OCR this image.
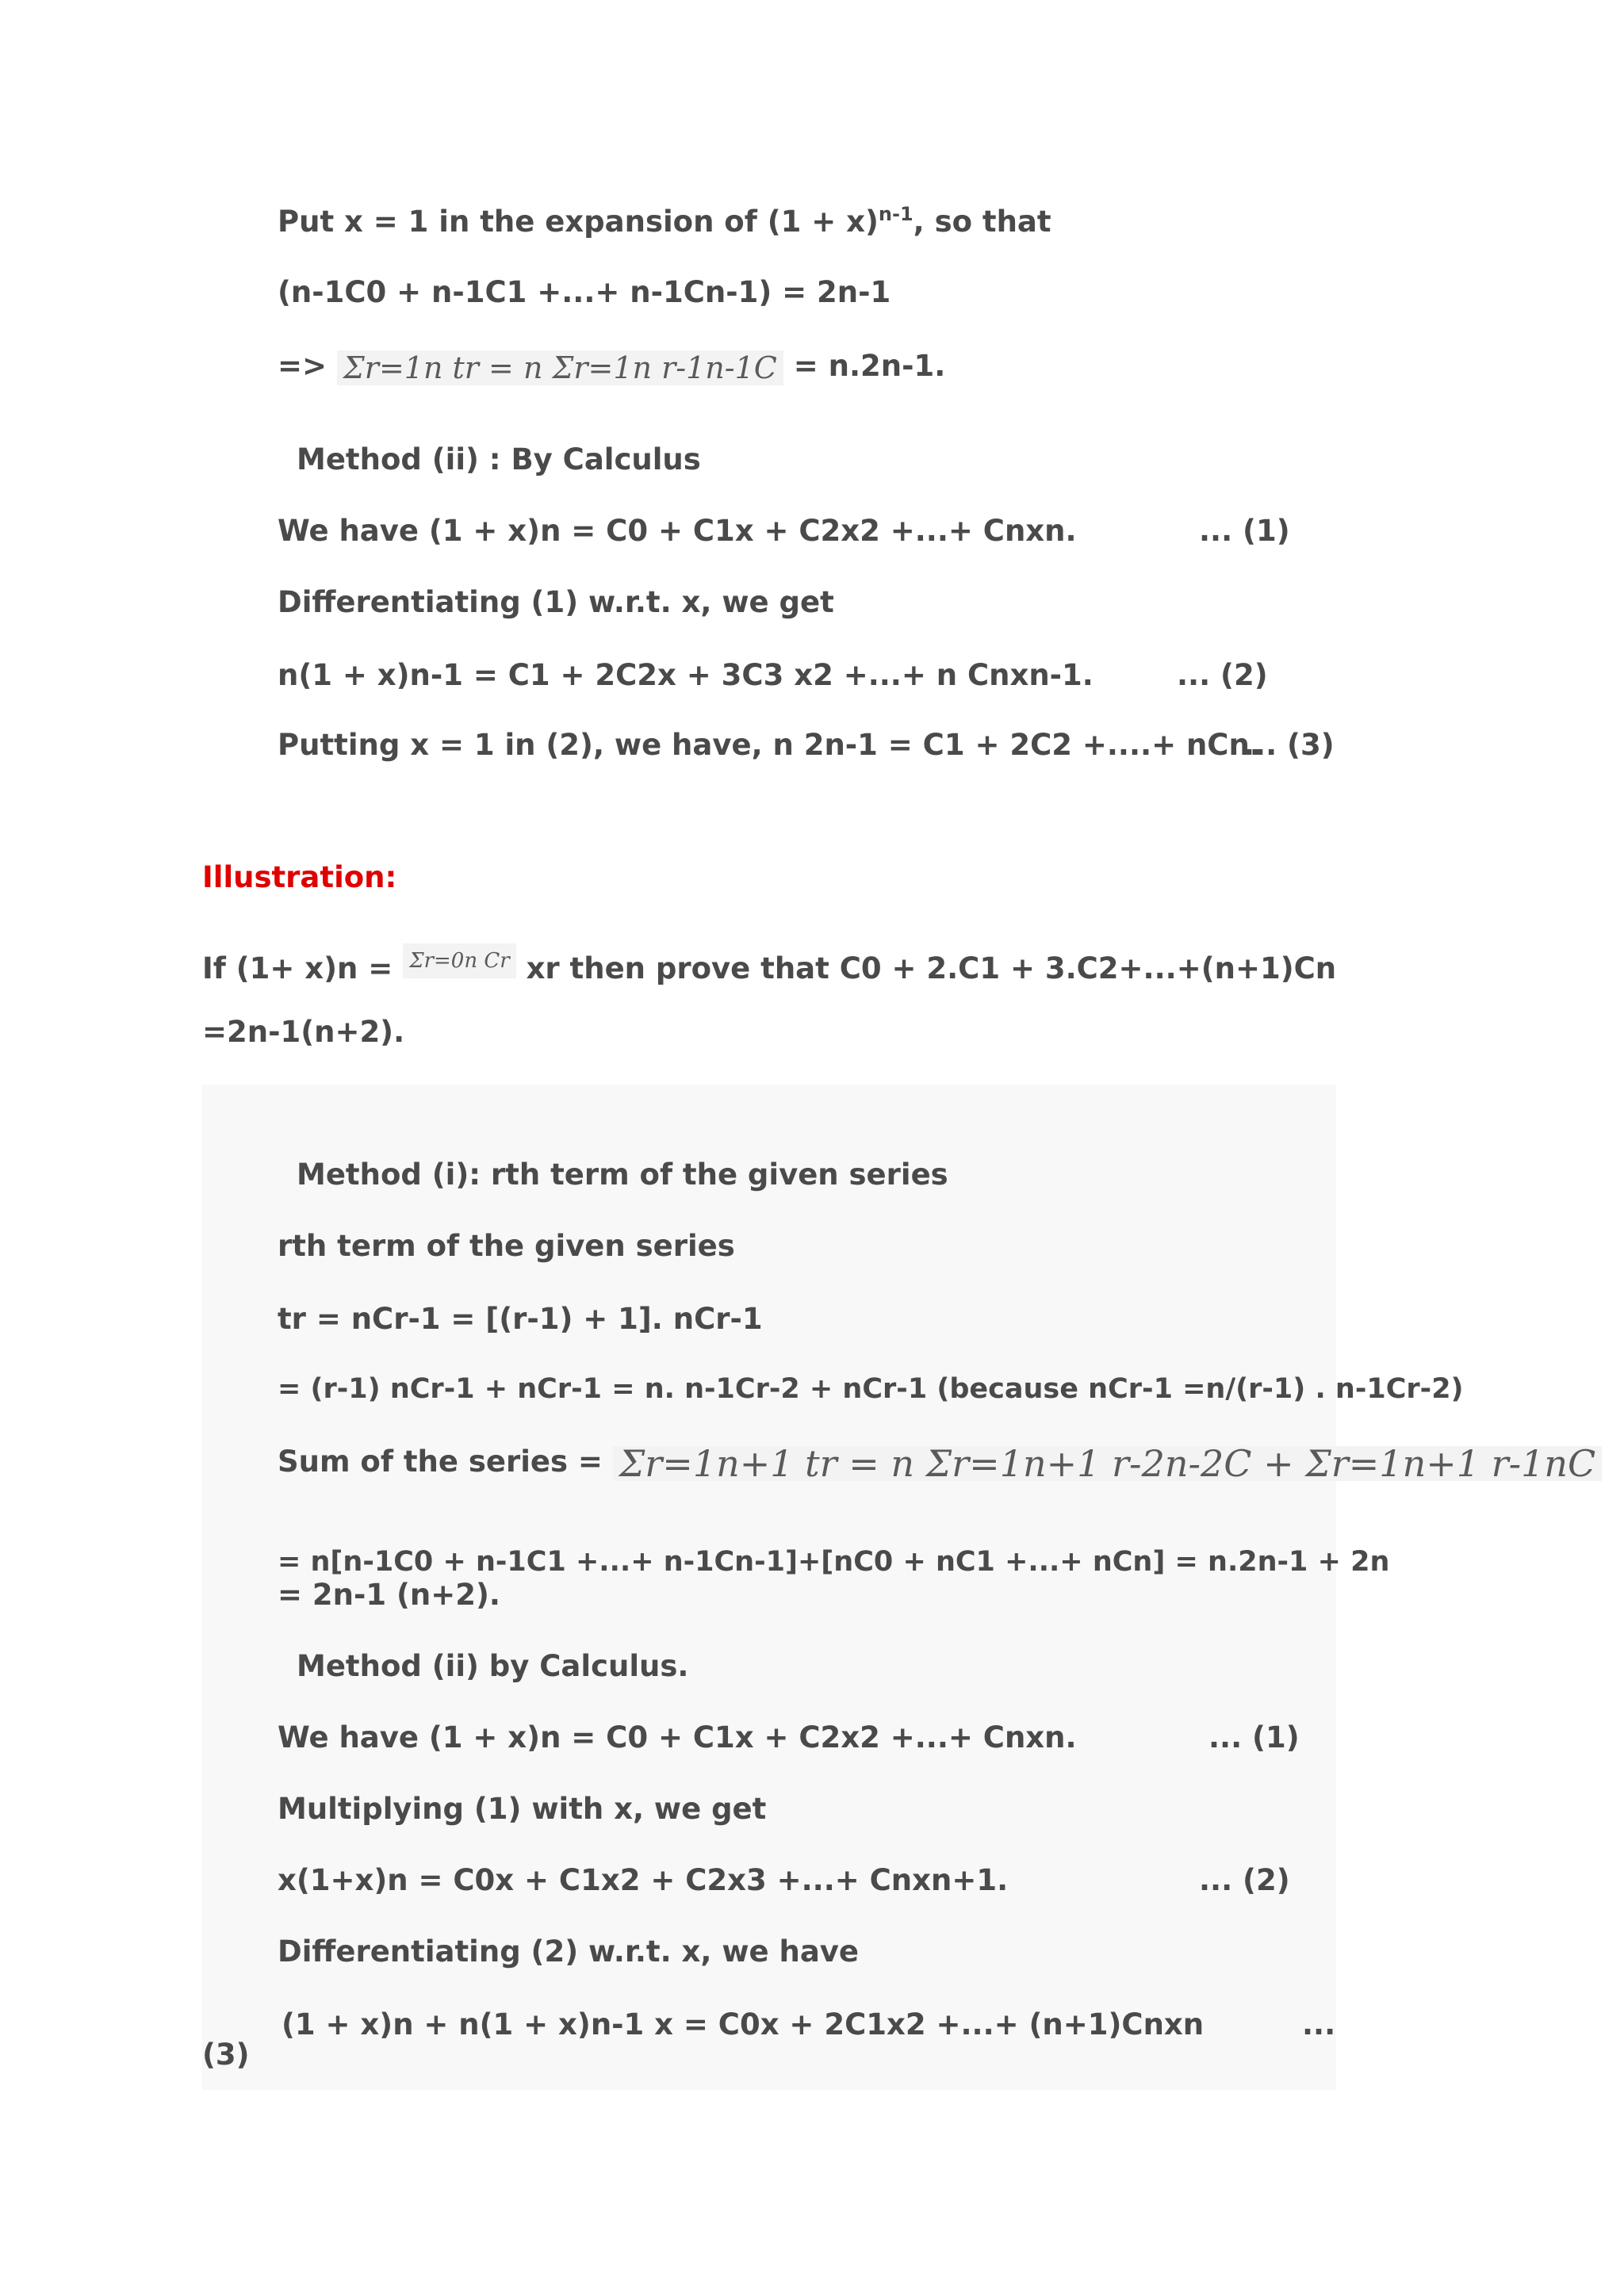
Put x = 1 in the expansion of $(1 + x)^{n-1}$, so that
(n-1C0 + n-1C1 +...+ n-1Cn-1) = 2n-1
=> Σr=1n tr = n Σr=1n r-1n-1C = n.2n-1.
Method (ii) : By Calculus
We have (1 + x)n = C0 + C1x + C2x2 +...+ Cnxn.	... (1)
Differentiating (1) w.r.t. x, we get
n(1 + x)n-1 = C1 + 2C2x + 3C3 x2 +...+ n Cnxn-1.	... (2)
Putting x = 1 in (2), we have, n 2n-1 = C1 + 2C2 +....+ nCn.
... (3)
Illustration:
If (1+ x)n = Σr=0n Cr xr then prove that C0 + 2.C1 + 3.C2+...+(n+1)Cn
=2n-1(n+2).
Method (i): rth term of the given series
rth term of the given series
tr = nCr-1 = [(r-1) + 1]. nCr-1
= (r-1) nCr-1 + nCr-1 = n. n-1Cr-2 + nCr-1 (because nCr-1 =n/(r-1) . n-1Cr-2)
Sum of the series = Σr=1n+1 tr = n Σr=1n+1 r-2n-2C + Σr=1n+1 r-1nC
= n[n-1C0 + n-1C1 +...+ n-1Cn-1]+[nC0 + nC1 +...+ nCn] = n.2n-1 + 2n
= 2n-1 (n+2).
Method (ii) by Calculus.
We have (1 + x)n = C0 + C1x + C2x2 +...+ Cnxn.	... (1)
Multiplying (1) with x, we get
x(1+x)n = C0x + C1x2 + C2x3 +...+ Cnxn+1.	... (2)
Differentiating (2) w.r.t. x, we have
(1 + x)n + n(1 + x)n-1 x = C0x + 2C1x2 +...+ (n+1)Cnxn	...
(3)
